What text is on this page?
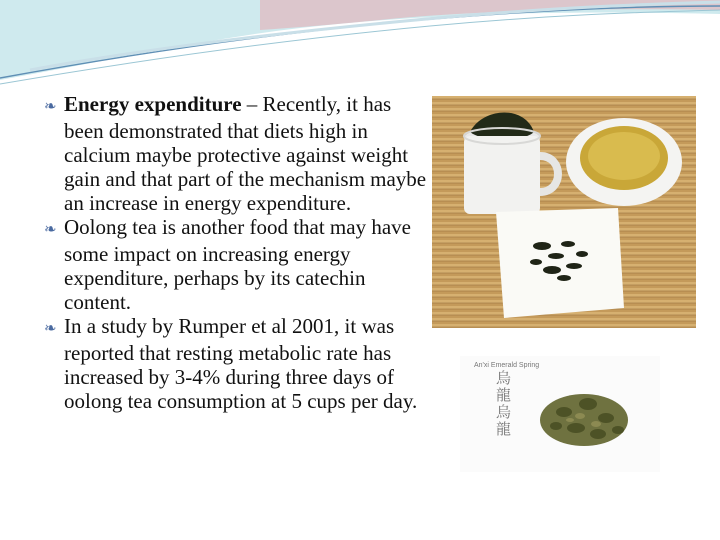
❧ Energy expenditure – Recently, it has been demonstrated that diets high in calcium maybe protective against weight gain and that part of the mechanism maybe an increase in energy expenditure.

❧ Oolong tea is another food that may have some impact on increasing energy expenditure, perhaps by its catechin content.

❧ In a study by Rumper et al 2001, it was reported that resting metabolic rate has increased by 3-4% during three days of oolong tea consumption at 5 cups per day.

An'xi Emerald Spring
烏龍烏龍
